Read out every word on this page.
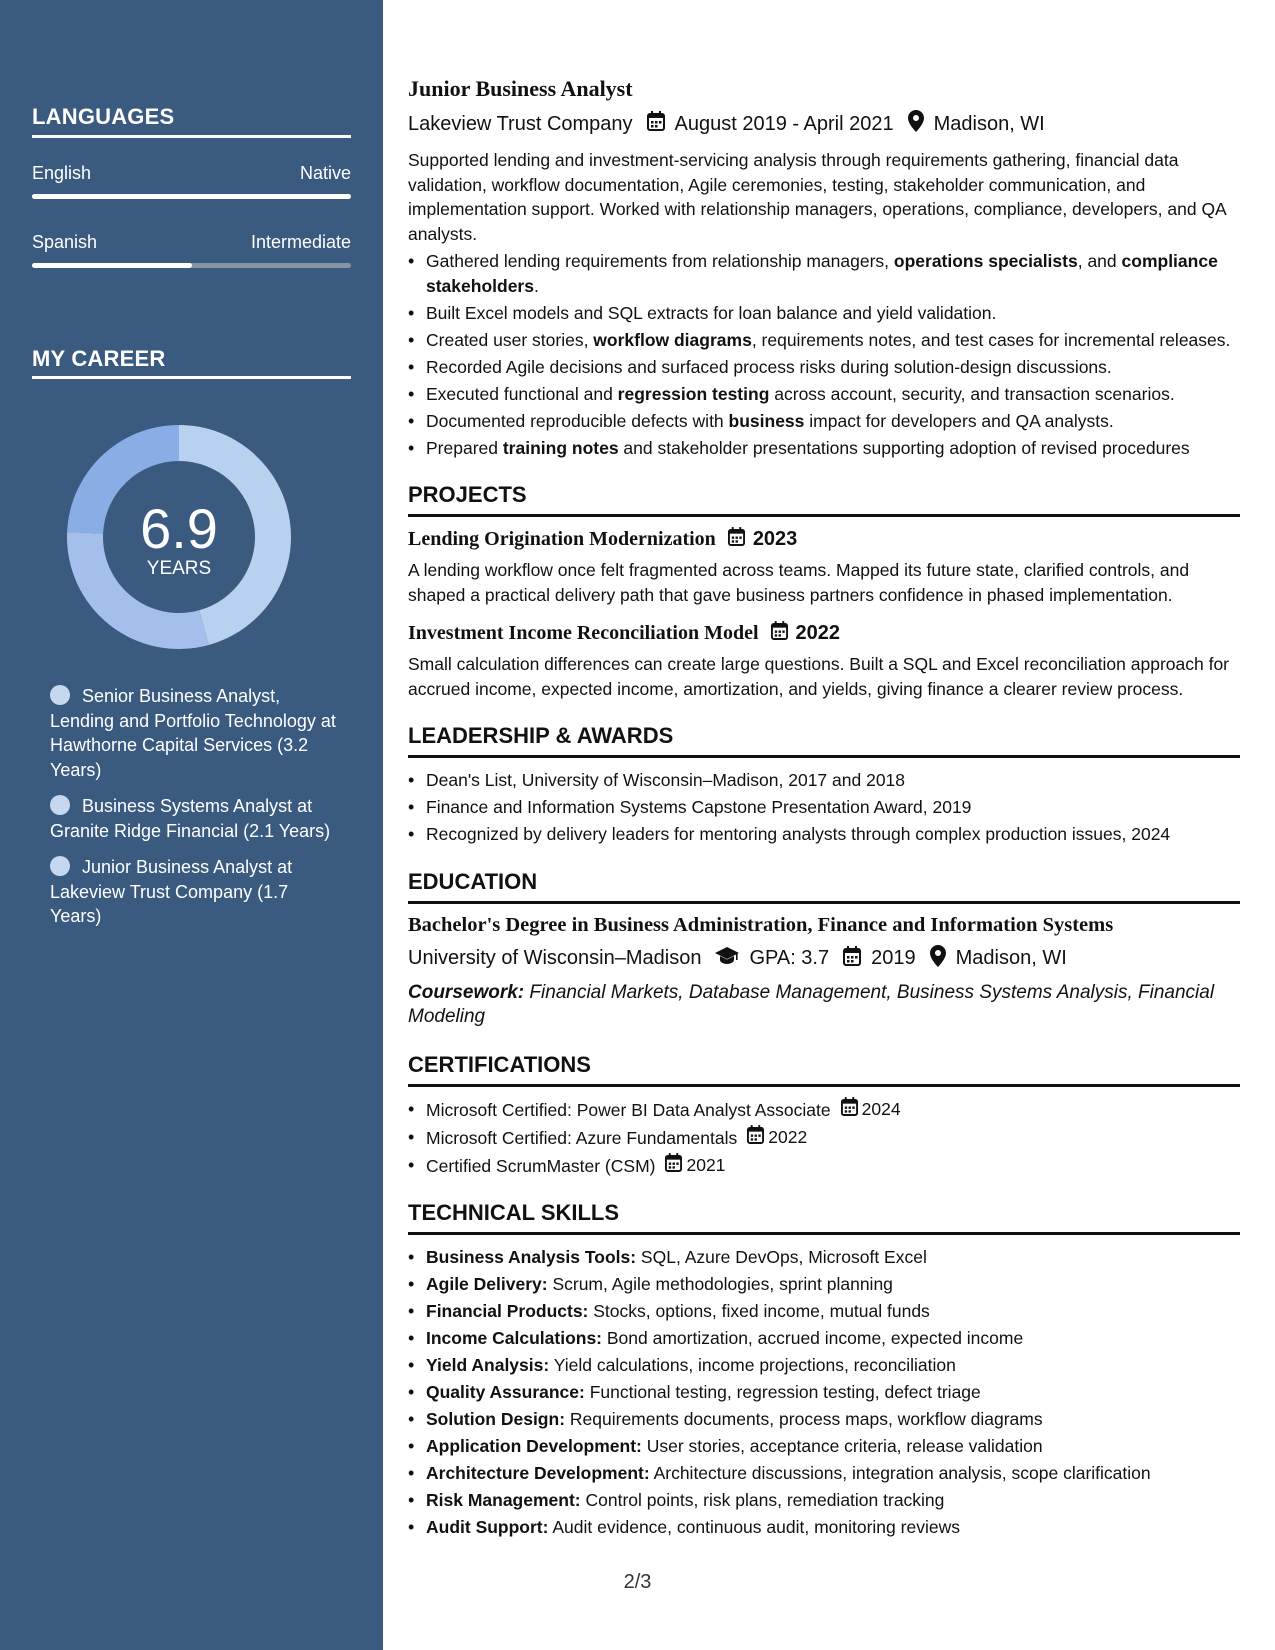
LANGUAGES
English	Native
Spanish	Intermediate
MY CAREER
6.9
YEARS
Senior Business Analyst, Lending and Portfolio Technology at Hawthorne Capital Services (3.2 Years)
Business Systems Analyst at Granite Ridge Financial (2.1 Years)
Junior Business Analyst at Lakeview Trust Company (1.7 Years)
Junior Business Analyst
Lakeview Trust Company August 2019 - April 2021 Madison, WI
Supported lending and investment-servicing analysis through requirements gathering, financial data validation, workflow documentation, Agile ceremonies, testing, stakeholder communication, and implementation support. Worked with relationship managers, operations, compliance, developers, and QA analysts.
• Gathered lending requirements from relationship managers, operations specialists, and compliance stakeholders.
• Built Excel models and SQL extracts for loan balance and yield validation.
• Created user stories, workflow diagrams, requirements notes, and test cases for incremental releases.
• Recorded Agile decisions and surfaced process risks during solution-design discussions.
• Executed functional and regression testing across account, security, and transaction scenarios.
• Documented reproducible defects with business impact for developers and QA analysts.
• Prepared training notes and stakeholder presentations supporting adoption of revised procedures
PROJECTS
Lending Origination Modernization 2023
A lending workflow once felt fragmented across teams. Mapped its future state, clarified controls, and shaped a practical delivery path that gave business partners confidence in phased implementation.
Investment Income Reconciliation Model 2022
Small calculation differences can create large questions. Built a SQL and Excel reconciliation approach for accrued income, expected income, amortization, and yields, giving finance a clearer review process.
LEADERSHIP & AWARDS
• Dean's List, University of Wisconsin–Madison, 2017 and 2018
• Finance and Information Systems Capstone Presentation Award, 2019
• Recognized by delivery leaders for mentoring analysts through complex production issues, 2024
EDUCATION
Bachelor's Degree in Business Administration, Finance and Information Systems
University of Wisconsin–Madison GPA: 3.7 2019 Madison, WI
Coursework: Financial Markets, Database Management, Business Systems Analysis, Financial Modeling
CERTIFICATIONS
• Microsoft Certified: Power BI Data Analyst Associate 2024
• Microsoft Certified: Azure Fundamentals 2022
• Certified ScrumMaster (CSM) 2021
TECHNICAL SKILLS
• Business Analysis Tools: SQL, Azure DevOps, Microsoft Excel
• Agile Delivery: Scrum, Agile methodologies, sprint planning
• Financial Products: Stocks, options, fixed income, mutual funds
• Income Calculations: Bond amortization, accrued income, expected income
• Yield Analysis: Yield calculations, income projections, reconciliation
• Quality Assurance: Functional testing, regression testing, defect triage
• Solution Design: Requirements documents, process maps, workflow diagrams
• Application Development: User stories, acceptance criteria, release validation
• Architecture Development: Architecture discussions, integration analysis, scope clarification
• Risk Management: Control points, risk plans, remediation tracking
• Audit Support: Audit evidence, continuous audit, monitoring reviews
2/3
